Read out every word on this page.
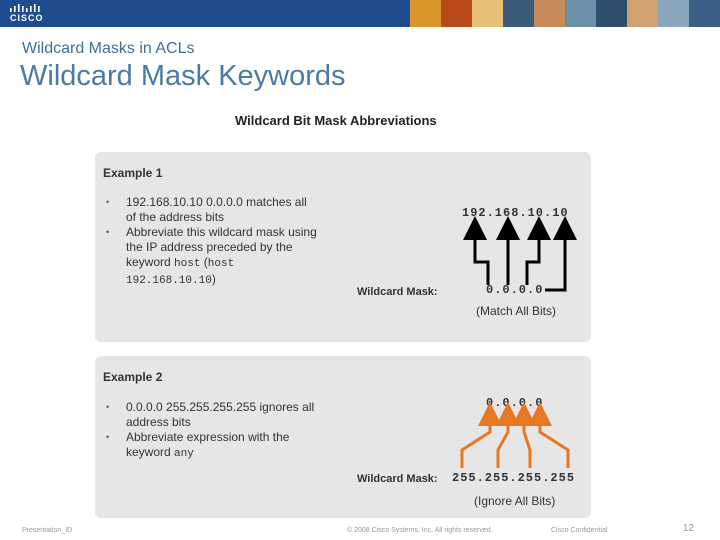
CISCO
Wildcard Masks in ACLs
Wildcard Mask Keywords
Wildcard Bit Mask Abbreviations
Example 1
• 192.168.10.10 0.0.0.0 matches all of the address bits
• Abbreviate this wildcard mask using the IP address preceded by the keyword host (host 192.168.10.10)
192.168.10.10
Wildcard Mask:	0.0.0.0
(Match All Bits)
Example 2
• 0.0.0.0 255.255.255.255 ignores all address bits
• Abbreviate expression with the keyword any
0.0.0.0
Wildcard Mask: 255.255.255.255
(Ignore All Bits)
Presentation_ID	© 2008 Cisco Systems, Inc. All rights reserved.	Cisco Confidential	12
